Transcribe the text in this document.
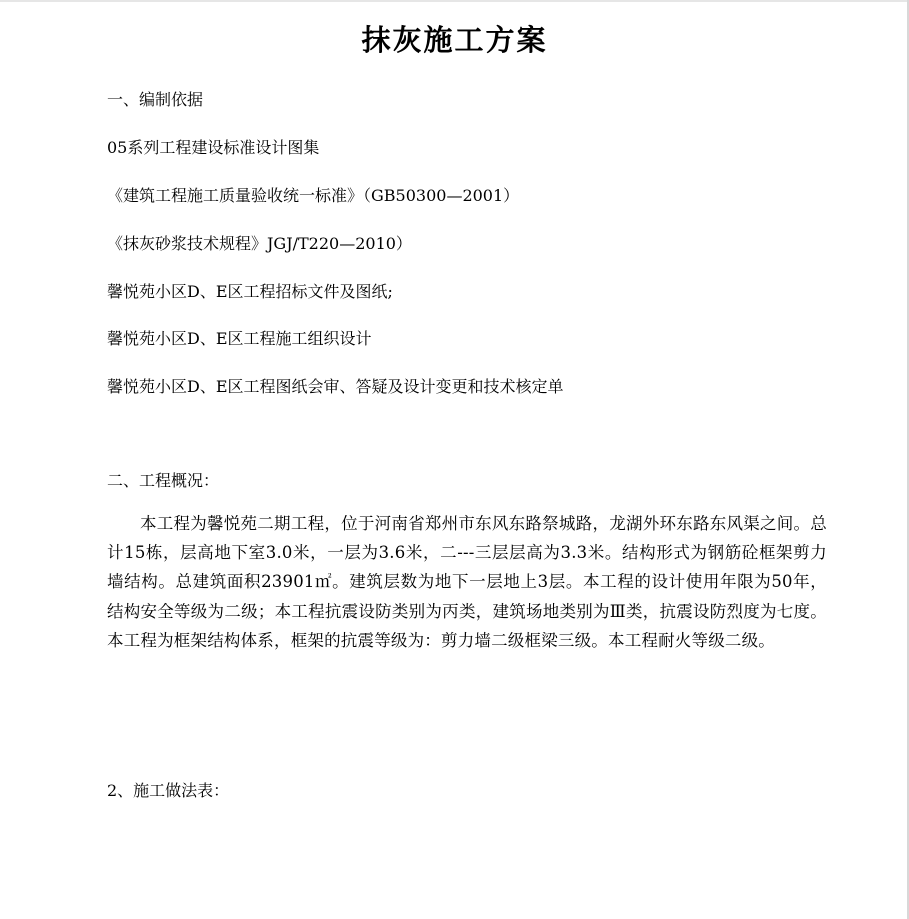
抹灰施工方案
一、编制依据
05系列工程建设标准设计图集
《建筑工程施工质量验收统一标准》（GB50300—2001）
《抹灰砂浆技术规程》JGJ/T220—2010）
馨悦苑小区D、E区工程招标文件及图纸;
馨悦苑小区D、E区工程施工组织设计
馨悦苑小区D、E区工程图纸会审、答疑及设计变更和技术核定单
二、工程概况：
本工程为馨悦苑二期工程，位于河南省郑州市东风东路祭城路，龙湖外环东路东风渠之间。总计15栋，层高地下室3.0米，一层为3.6米，二---三层层高为3.3米。结构形式为钢筋砼框架剪力墙结构。总建筑面积23901㎡。建筑层数为地下一层地上3层。本工程的设计使用年限为50年，结构安全等级为二级；本工程抗震设防类别为丙类，建筑场地类别为Ⅲ类，抗震设防烈度为七度。本工程为框架结构体系，框架的抗震等级为：剪力墙二级框梁三级。本工程耐火等级二级。
2、施工做法表：
